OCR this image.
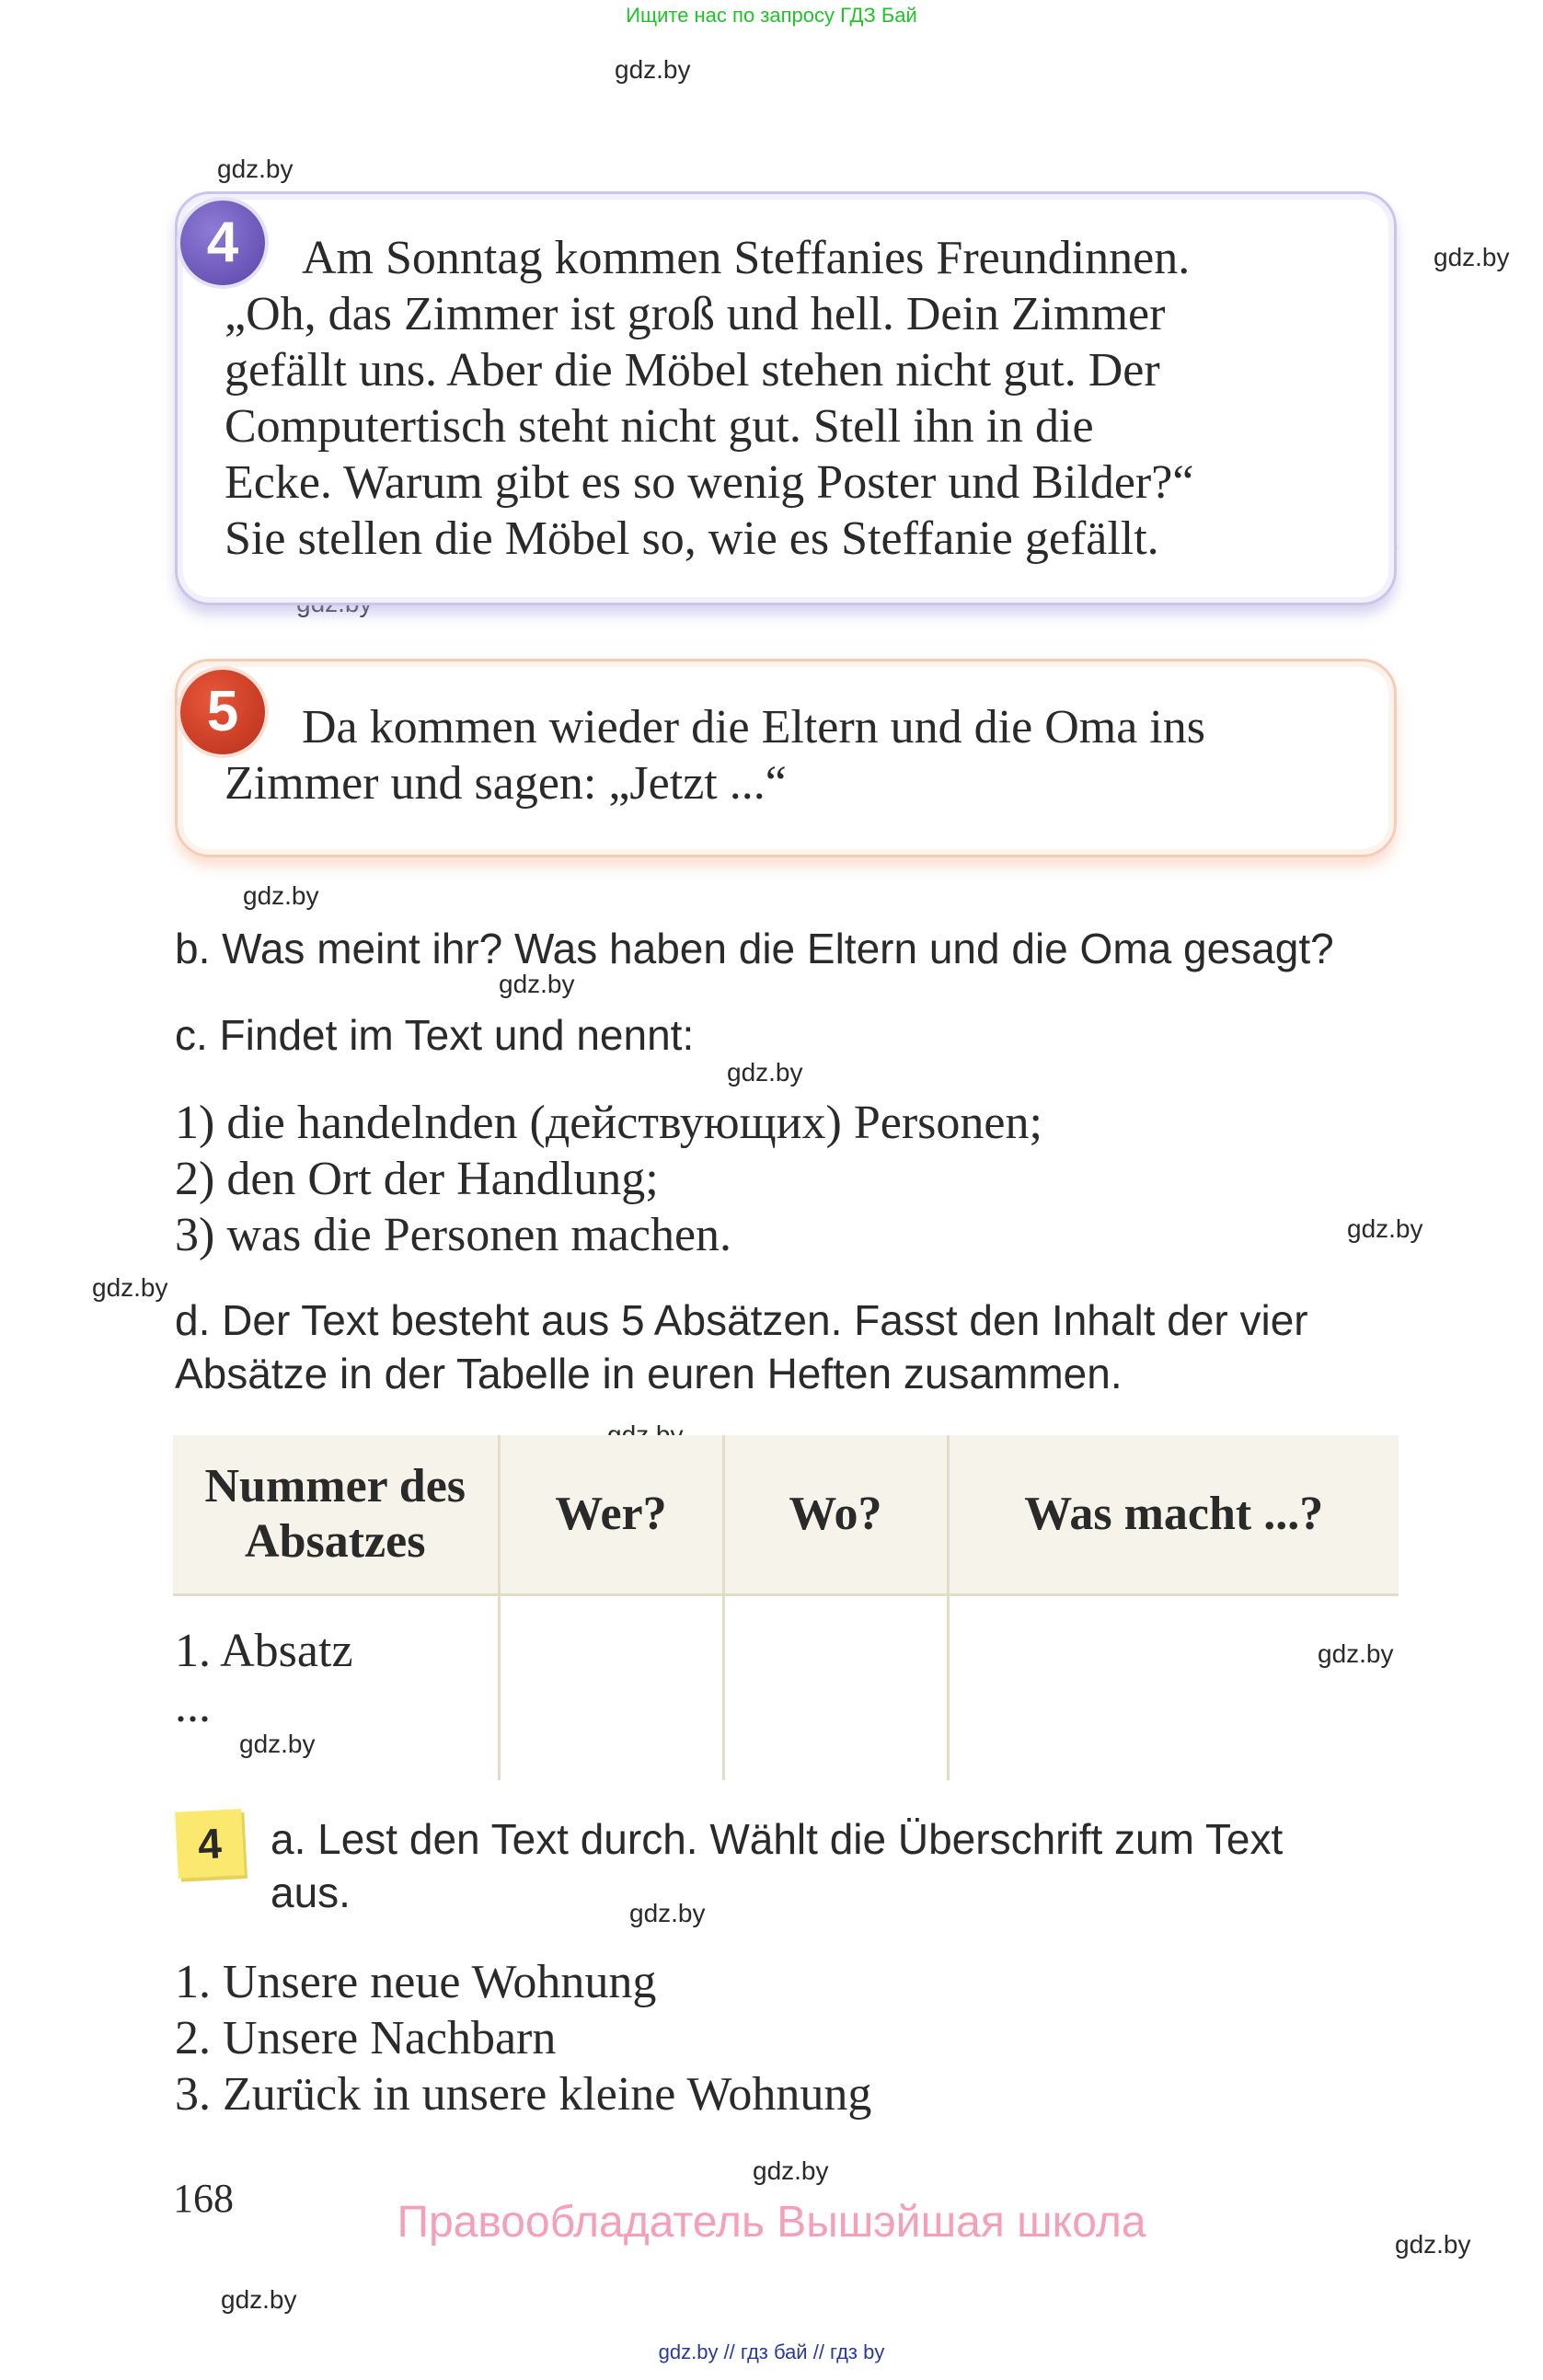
Ищите нас по запросу ГДЗ Бай
gdz.by
gdz.by
gdz.by
gdz.by
gdz.by
gdz.by
gdz.by
gdz.by
gdz.by
gdz.by
gdz.by
gdz.by
gdz.by
gdz.by
4	Am Sonntag kommen Steffanies Freundinnen.
„Oh, das Zimmer ist groß und hell. Dein Zimmer
gefällt uns. Aber die Möbel stehen nicht gut. Der
Computertisch steht nicht gut. Stell ihn in die
Ecke. Warum gibt es so wenig Poster und Bilder?“
Sie stellen die Möbel so, wie es Steffanie gefällt.
5	Da kommen wieder die Eltern und die Oma ins
Zimmer und sagen: „Jetzt ...“
b. Was meint ihr? Was haben die Eltern und die Oma gesagt?
c. Findet im Text und nennt:
1) die handelnden (действующих) Personen;
2) den Ort der Handlung;
3) was die Personen machen.
d. Der Text besteht aus 5 Absätzen. Fasst den Inhalt der vier
Absätze in der Tabelle in euren Heften zusammen.
Nummer des Absatzes	Wer?	Wo?	Was macht ...?

1. Absatz
...			

4	a. Lest den Text durch. Wählt die Überschrift zum Text
aus.
1. Unsere neue Wohnung
2. Unsere Nachbarn
3. Zurück in unsere kleine Wohnung
168	Правообладатель Вышэйшая школа
gdz.by // гдз бай // гдз by
